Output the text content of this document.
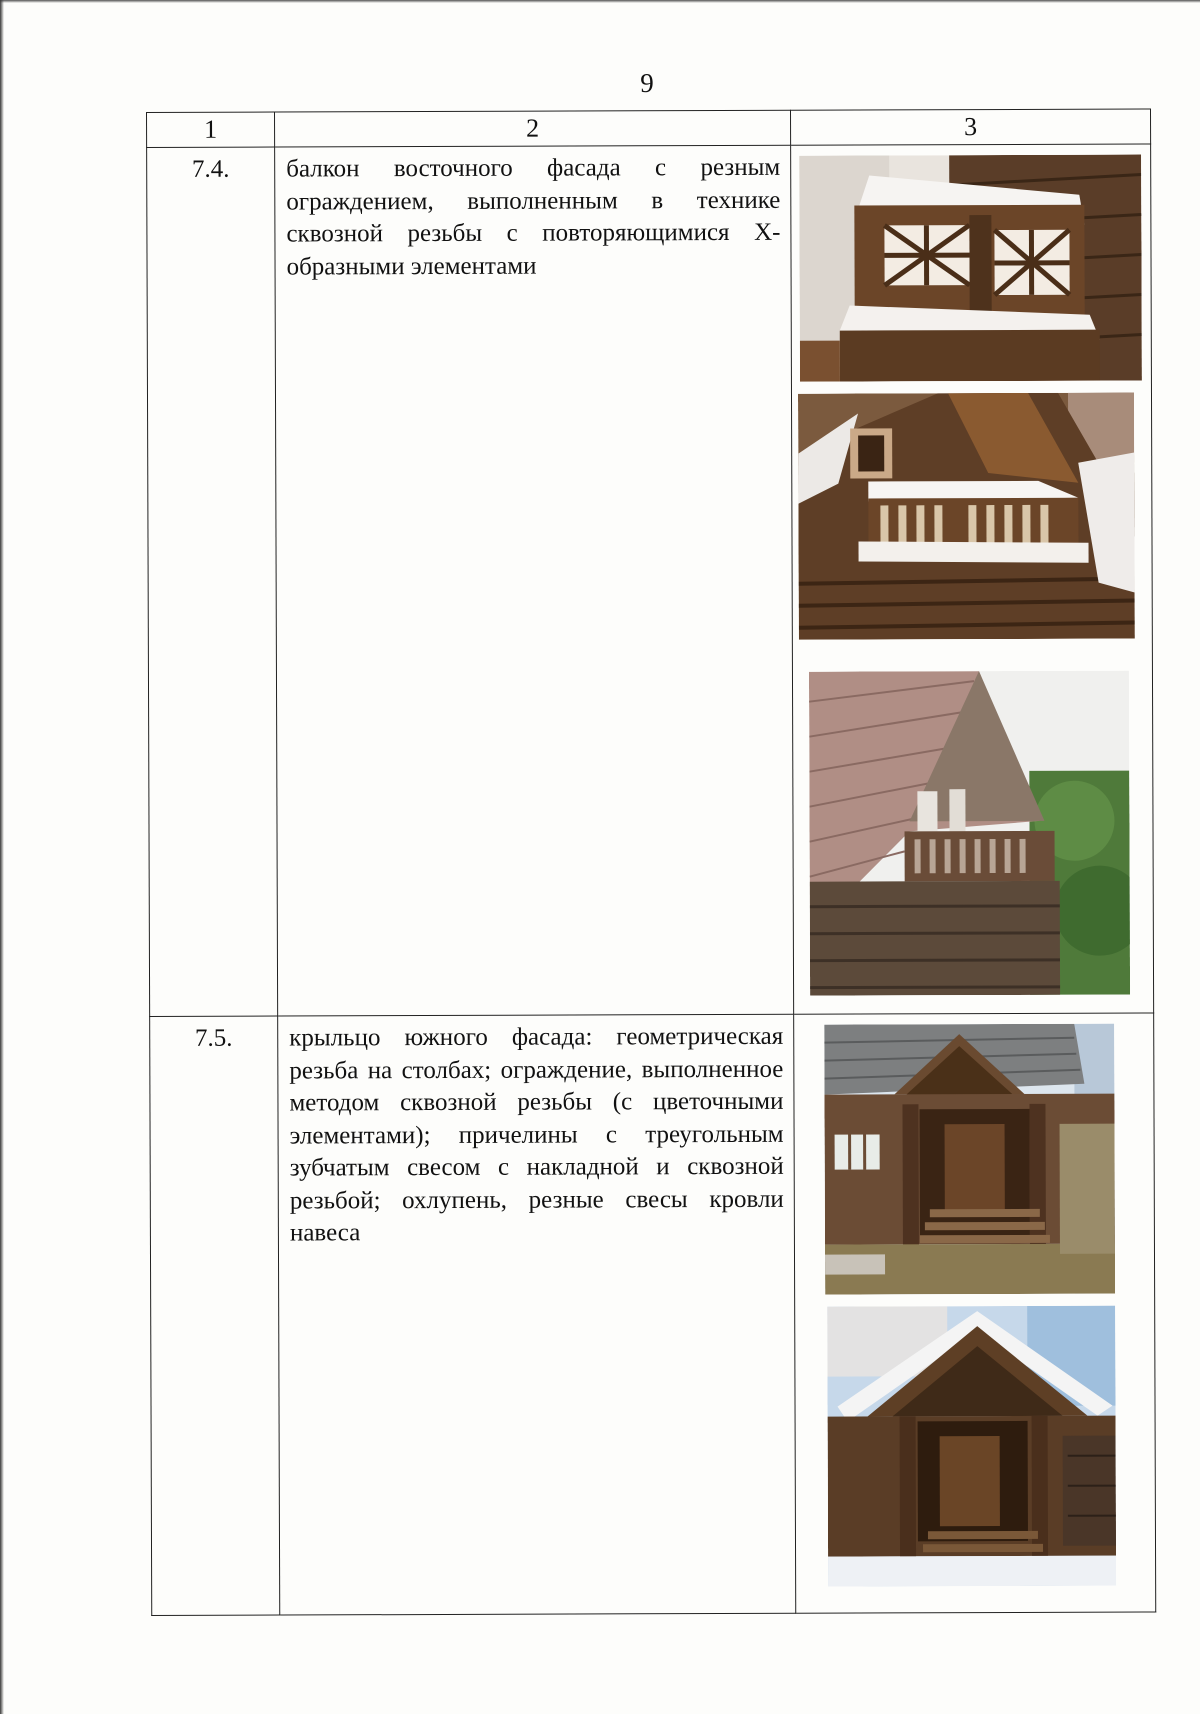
9
1	2	3
7.4.	балкон восточного фасада с резным ограждением, выполненным в технике сквозной резьбы с повторяющимися Х- образными элементами	

7.5.	крыльцо южного фасада: геометрическая резьба на столбах; ограждение, выполненное методом сквозной резьбы (с цветочными элементами); причелины с треугольным зубчатым свесом с накладной и сквозной резьбой; охлупень, резные свесы кровли навеса	
